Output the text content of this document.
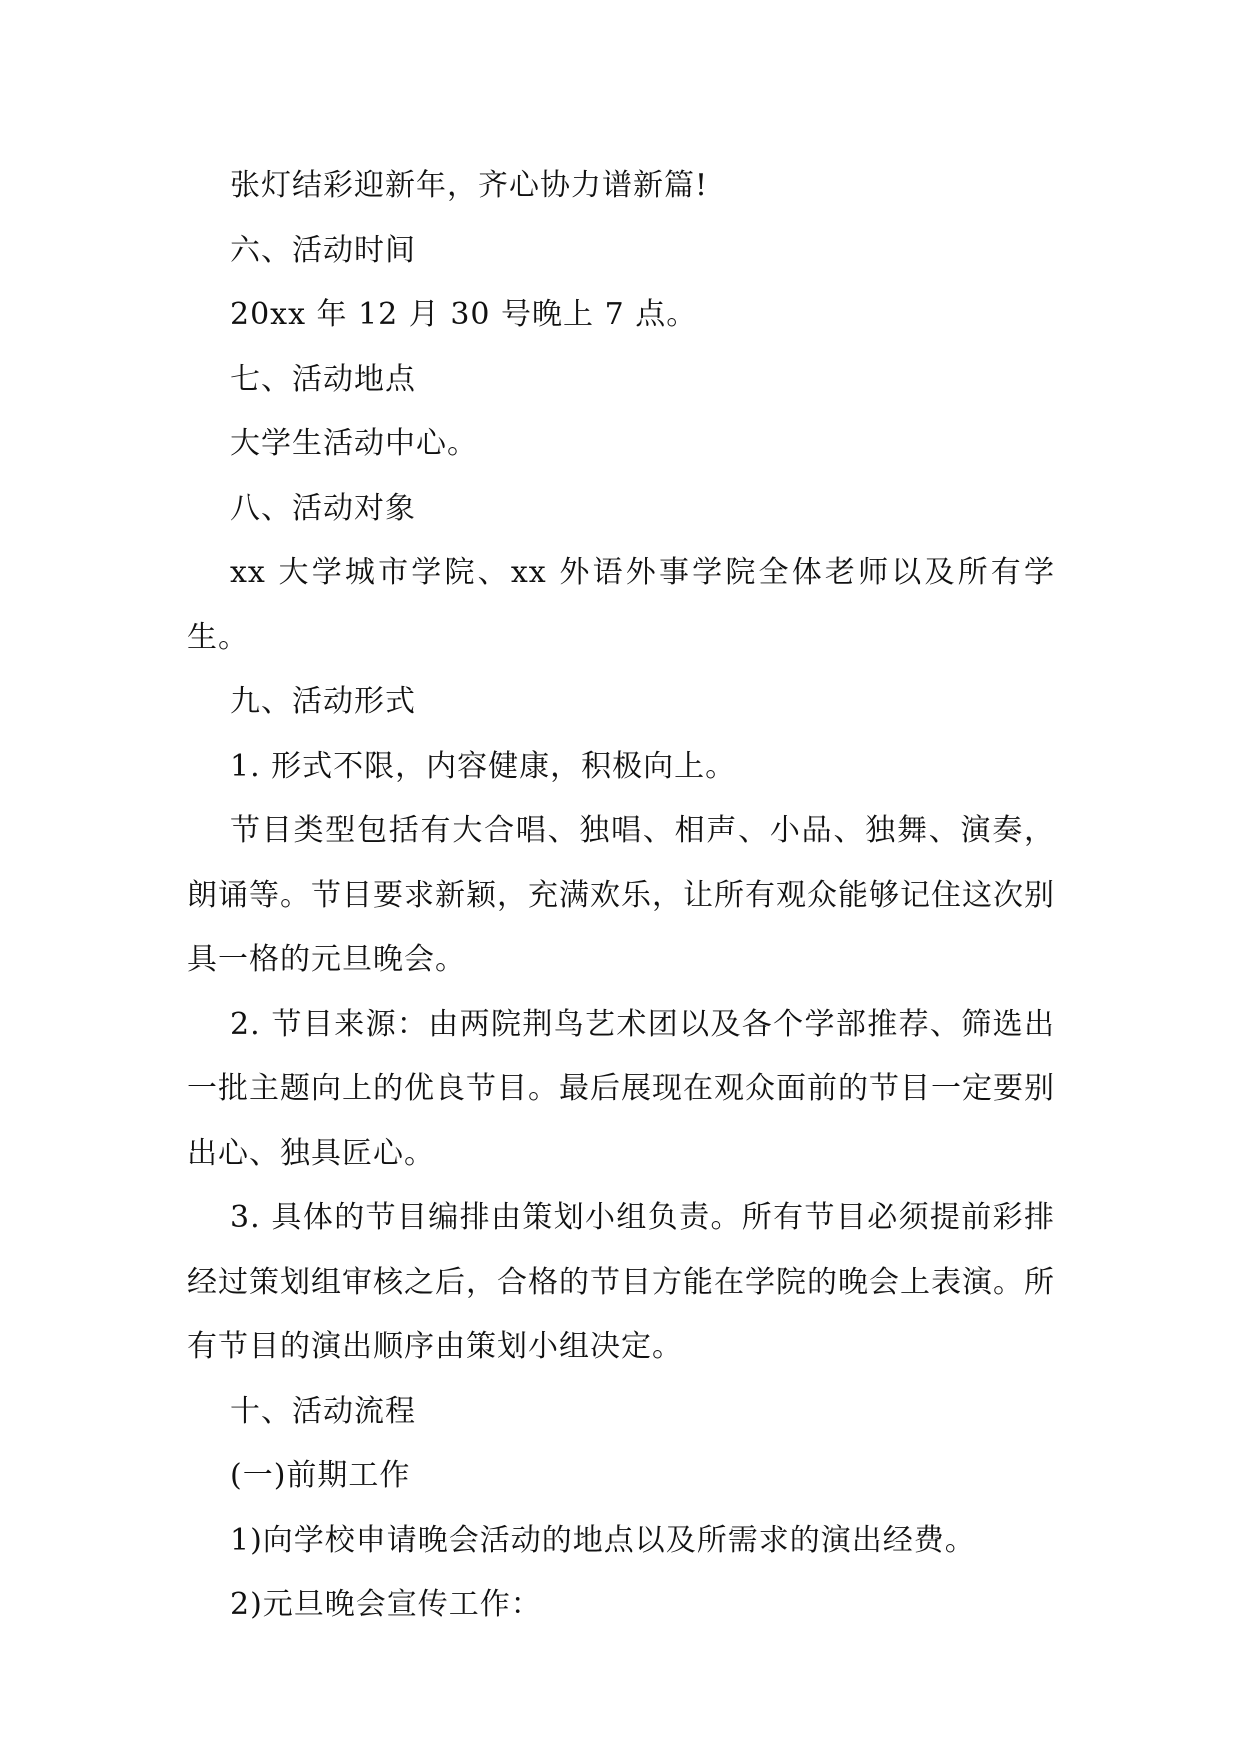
张灯结彩迎新年，齐心协力谱新篇!

六、活动时间

20xx 年 12 月 30 号晚上 7 点。

七、活动地点

大学生活动中心。

八、活动对象

xx 大学城市学院、xx 外语外事学院全体老师以及所有学生。

九、活动形式

1. 形式不限，内容健康，积极向上。

节目类型包括有大合唱、独唱、相声、小品、独舞、演奏，朗诵等。节目要求新颖，充满欢乐，让所有观众能够记住这次别具一格的元旦晚会。

2. 节目来源：由两院荆鸟艺术团以及各个学部推荐、筛选出一批主题向上的优良节目。最后展现在观众面前的节目一定要别出心、独具匠心。

3. 具体的节目编排由策划小组负责。所有节目必须提前彩排经过策划组审核之后，合格的节目方能在学院的晚会上表演。所有节目的演出顺序由策划小组决定。

十、活动流程

(一)前期工作

1)向学校申请晚会活动的地点以及所需求的演出经费。

2)元旦晚会宣传工作：
